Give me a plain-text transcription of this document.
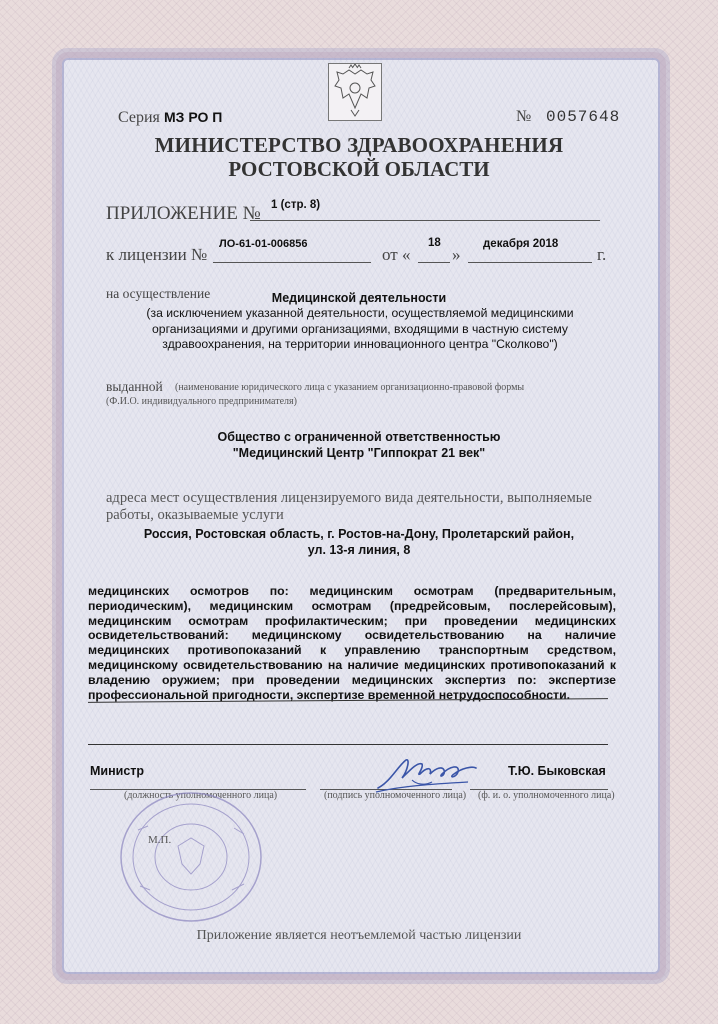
Серия МЗ РО П	№ 0057648
МИНИСТЕРСТВО ЗДРАВООХРАНЕНИЯ
РОСТОВСКОЙ ОБЛАСТИ
ПРИЛОЖЕНИЕ № 1 (стр. 8)
к лицензии №
ЛО-61-01-006856
от «
18
»
декабря 2018
г.
на осуществление	Медицинской деятельности
(за исключением указанной деятельности, осуществляемой медицинскими организациями и другими организациями, входящими в частную систему здравоохранения, на территории инновационного центра "Сколково")
выданной (наименование юридического лица с указанием организационно-правовой формы
(Ф.И.О. индивидуального предпринимателя)
Общество с ограниченной ответственностью
"Медицинский Центр "Гиппократ 21 век"
адреса мест осуществления лицензируемого вида деятельности, выполняемые
работы, оказываемые услуги
Россия, Ростовская область, г. Ростов-на-Дону, Пролетарский район,
ул. 13-я линия, 8
медицинских осмотров по: медицинским осмотрам (предварительным, периодическим), медицинским осмотрам (предрейсовым, послерейсовым), медицинским осмотрам профилактическим; при проведении медицинских освидетельствований: медицинскому освидетельствованию на наличие медицинских противопоказаний к управлению транспортным средством, медицинскому освидетельствованию на наличие медицинских противопоказаний к владению оружием; при проведении медицинских экспертиз по: экспертизе профессиональной пригодности, экспертизе временной нетрудоспособности.
Министр
(должность уполномоченного лица)	(подпись уполномоченного лица)
Т.Ю. Быковская
(ф. и. о. уполномоченного лица)
М.П.
Приложение является неотъемлемой частью лицензии
